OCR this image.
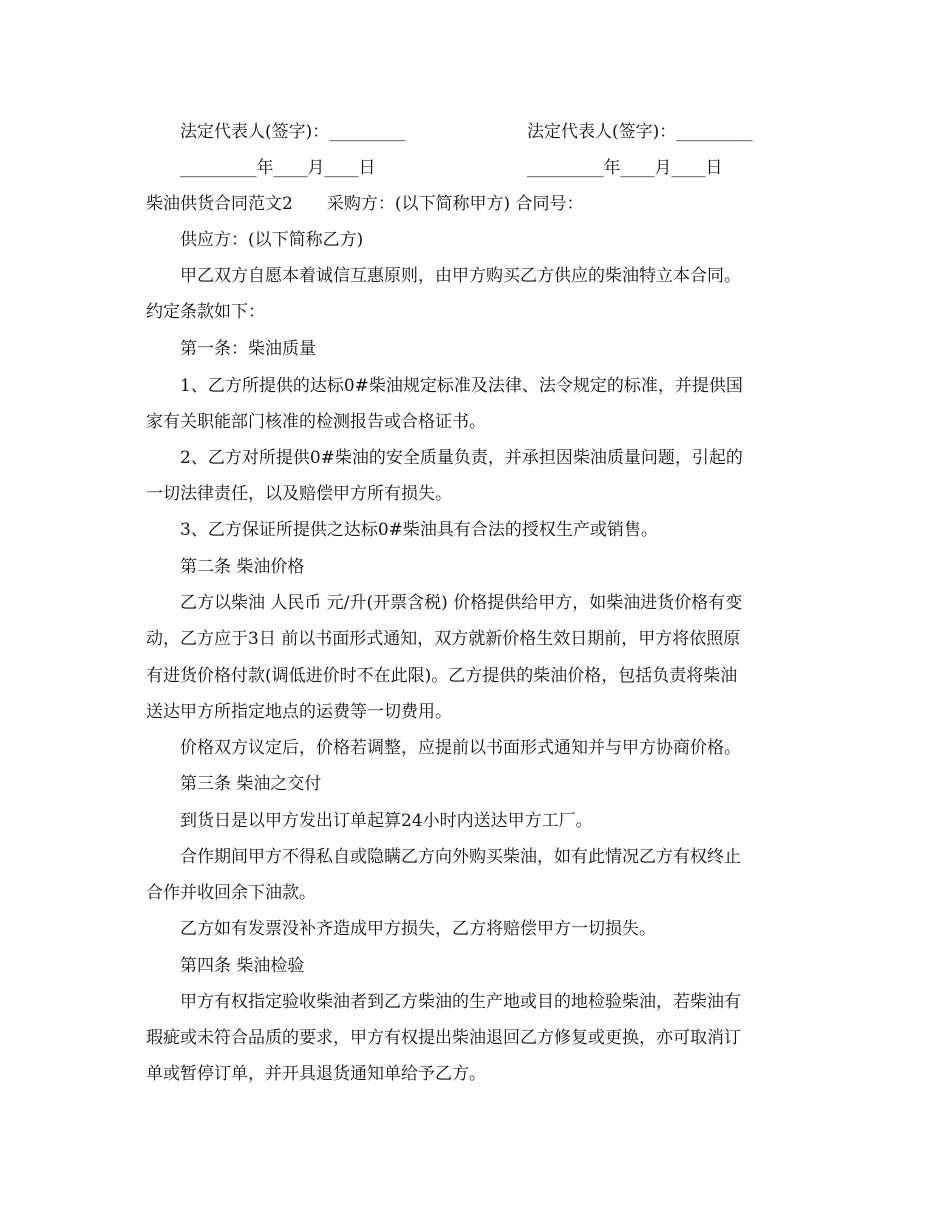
法定代表人(签字)：_________	法定代表人(签字)：_________
_________年____月____日	_________年____月____日
柴油供货合同范文2　　采购方：(以下简称甲方) 合同号：
供应方：(以下简称乙方)
甲乙双方自愿本着诚信互惠原则，由甲方购买乙方供应的柴油特立本合同。
约定条款如下：
第一条：柴油质量
1、乙方所提供的达标0#柴油规定标准及法律、法令规定的标准，并提供国
家有关职能部门核准的检测报告或合格证书。
2、乙方对所提供0#柴油的安全质量负责，并承担因柴油质量问题，引起的
一切法律责任，以及赔偿甲方所有损失。
3、乙方保证所提供之达标0#柴油具有合法的授权生产或销售。
第二条 柴油价格
乙方以柴油 人民币 元/升(开票含税) 价格提供给甲方，如柴油进货价格有变
动，乙方应于3日 前以书面形式通知，双方就新价格生效日期前，甲方将依照原
有进货价格付款(调低进价时不在此限)。乙方提供的柴油价格，包括负责将柴油
送达甲方所指定地点的运费等一切费用。
价格双方议定后，价格若调整，应提前以书面形式通知并与甲方协商价格。
第三条 柴油之交付
到货日是以甲方发出订单起算24小时内送达甲方工厂。
合作期间甲方不得私自或隐瞒乙方向外购买柴油，如有此情况乙方有权终止
合作并收回余下油款。
乙方如有发票没补齐造成甲方损失，乙方将赔偿甲方一切损失。
第四条 柴油检验
甲方有权指定验收柴油者到乙方柴油的生产地或目的地检验柴油，若柴油有
瑕疵或未符合品质的要求，甲方有权提出柴油退回乙方修复或更换，亦可取消订
单或暂停订单，并开具退货通知单给予乙方。
